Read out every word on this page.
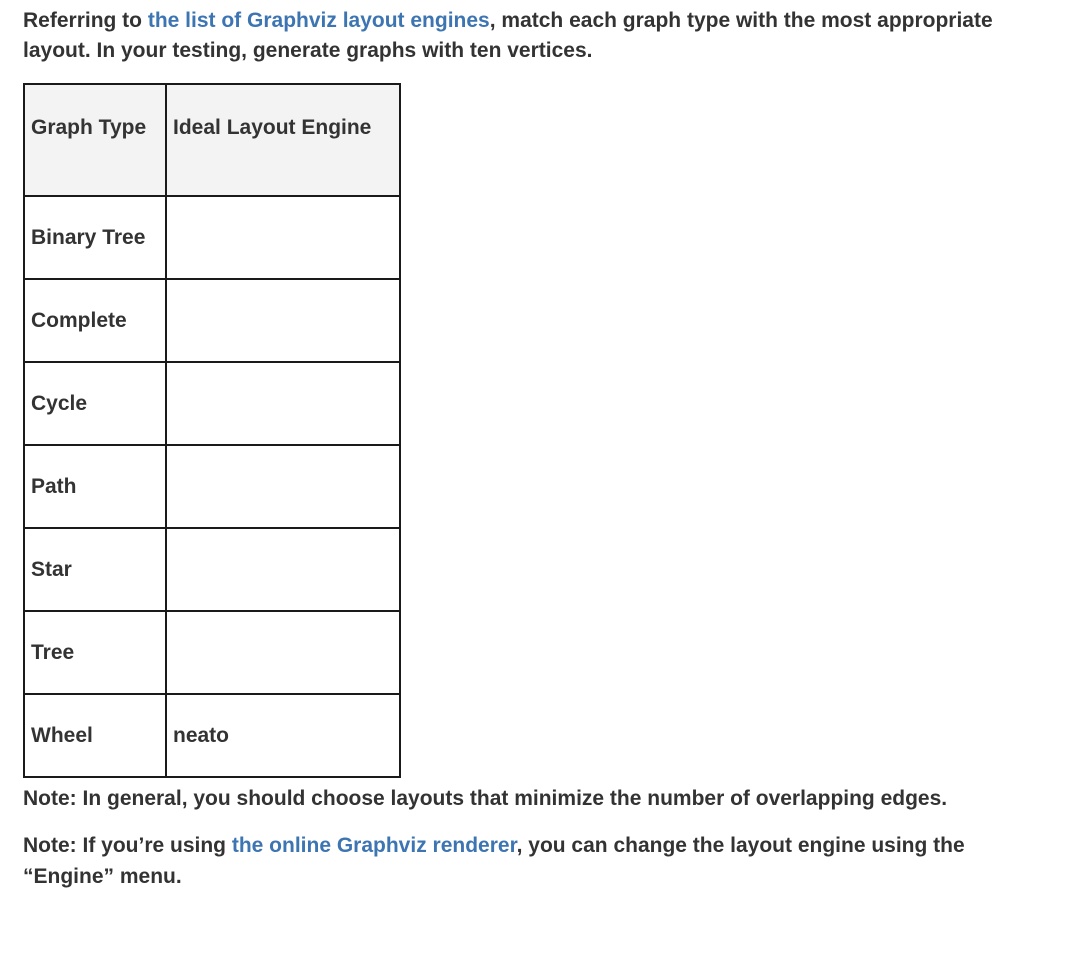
Referring to the list of Graphviz layout engines, match each graph type with the most appropriate layout. In your testing, generate graphs with ten vertices.

Graph Type	Ideal Layout Engine
Binary Tree	
Complete	
Cycle	
Path	
Star	
Tree	
Wheel	neato

Note: In general, you should choose layouts that minimize the number of overlapping edges.

Note: If you’re using the online Graphviz renderer, you can change the layout engine using the “Engine” menu.
